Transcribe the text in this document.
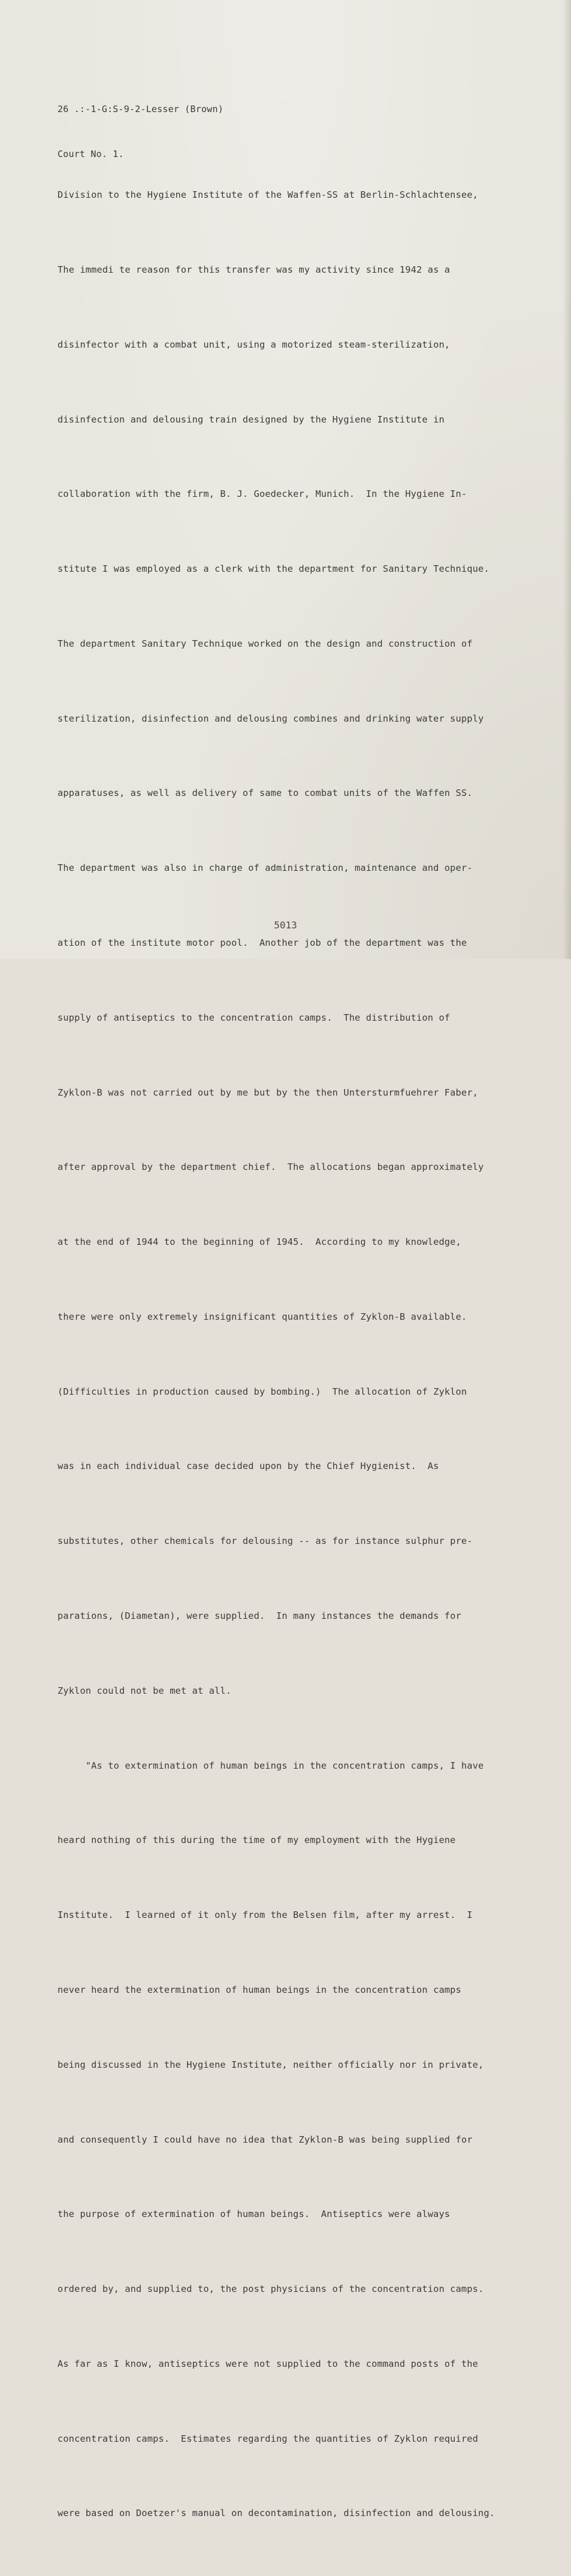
26 .:-1-G:S-9-2-Lesser (Brown)

Court No. 1.

Division to the Hygiene Institute of the Waffen-SS at Berlin-Schlachtensee,

The immedi te reason for this transfer was my activity since 1942 as a

disinfector with a combat unit, using a motorized steam-sterilization,

disinfection and delousing train designed by the Hygiene Institute in

collaboration with the firm, B. J. Goedecker, Munich.  In the Hygiene In-

stitute I was employed as a clerk with the department for Sanitary Technique.

The department Sanitary Technique worked on the design and construction of

sterilization, disinfection and delousing combines and drinking water supply

apparatuses, as well as delivery of same to combat units of the Waffen SS.

The department was also in charge of administration, maintenance and oper-

ation of the institute motor pool.  Another job of the department was the

supply of antiseptics to the concentration camps.  The distribution of

Zyklon-B was not carried out by me but by the then Untersturmfuehrer Faber,

after approval by the department chief.  The allocations began approximately

at the end of 1944 to the beginning of 1945.  According to my knowledge,

there were only extremely insignificant quantities of Zyklon-B available.

(Difficulties in production caused by bombing.)  The allocation of Zyklon

was in each individual case decided upon by the Chief Hygienist.  As

substitutes, other chemicals for delousing -- as for instance sulphur pre-

parations, (Diametan), were supplied.  In many instances the demands for

Zyklon could not be met at all.

"As to extermination of human beings in the concentration camps, I have

heard nothing of this during the time of my employment with the Hygiene

Institute.  I learned of it only from the Belsen film, after my arrest.  I

never heard the extermination of human beings in the concentration camps

being discussed in the Hygiene Institute, neither officially nor in private,

and consequently I could have no idea that Zyklon-B was being supplied for

the purpose of extermination of human beings.  Antiseptics were always

ordered by, and supplied to, the post physicians of the concentration camps.

As far as I know, antiseptics were not supplied to the command posts of the

concentration camps.  Estimates regarding the quantities of Zyklon required

were based on Doetzer's manual on decontamination, disinfection and delousing.

5013
